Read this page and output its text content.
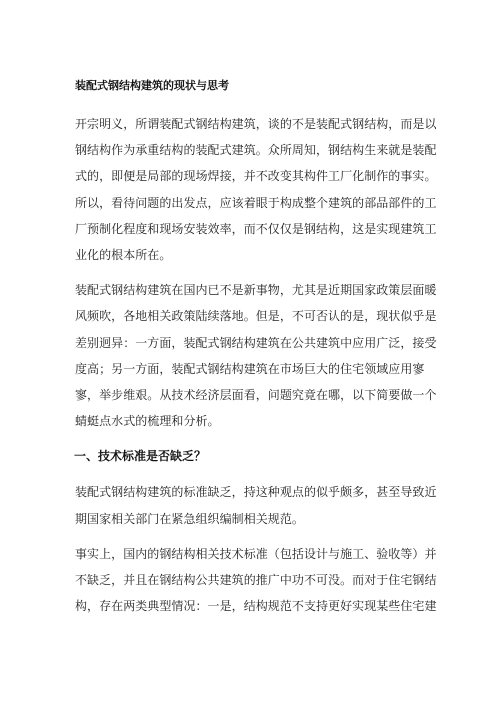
装配式钢结构建筑的现状与思考
开宗明义，所谓装配式钢结构建筑，谈的不是装配式钢结构，而是以
钢结构作为承重结构的装配式建筑。众所周知，钢结构生来就是装配
式的，即便是局部的现场焊接，并不改变其构件工厂化制作的事实。
所以，看待问题的出发点，应该着眼于构成整个建筑的部品部件的工
厂预制化程度和现场安装效率，而不仅仅是钢结构，这是实现建筑工
业化的根本所在。
装配式钢结构建筑在国内已不是新事物，尤其是近期国家政策层面暖
风频吹，各地相关政策陆续落地。但是，不可否认的是，现状似乎是
差别迥异：一方面，装配式钢结构建筑在公共建筑中应用广泛，接受
度高；另一方面，装配式钢结构建筑在市场巨大的住宅领域应用寥
寥，举步维艰。从技术经济层面看，问题究竟在哪，以下简要做一个
蜻蜓点水式的梳理和分析。
一、技术标准是否缺乏？
装配式钢结构建筑的标准缺乏，持这种观点的似乎颇多，甚至导致近
期国家相关部门在紧急组织编制相关规范。
事实上，国内的钢结构相关技术标准（包括设计与施工、验收等）并
不缺乏，并且在钢结构公共建筑的推广中功不可没。而对于住宅钢结
构，存在两类典型情况：一是，结构规范不支持更好实现某些住宅建
